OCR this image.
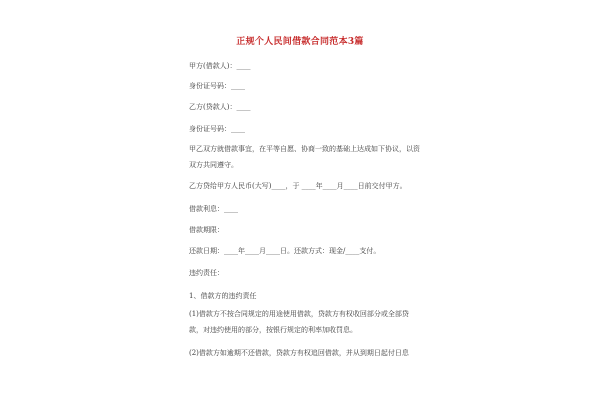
正规个人民间借款合同范本3篇
甲方(借款人)：____
身份证号码：____
乙方(贷款人)：____
身份证号码：____
甲乙双方就借款事宜，在平等自愿、协商一致的基础上达成如下协议，以资双方共同遵守。
乙方贷给甲方人民币(大写)____，于 ____年____月____日前交付甲方。
借款利息：____
借款期限：
还款日期：____年____月____日。还款方式：现金/____支付。
违约责任：
1、借款方的违约责任
(1)借款方不按合同规定的用途使用借款，贷款方有权收回部分或全部贷款，对违约使用的部分，按银行规定的利率加收罚息。
(2)借款方如逾期不还借款，贷款方有权追回借款，并从到期日起付日息
